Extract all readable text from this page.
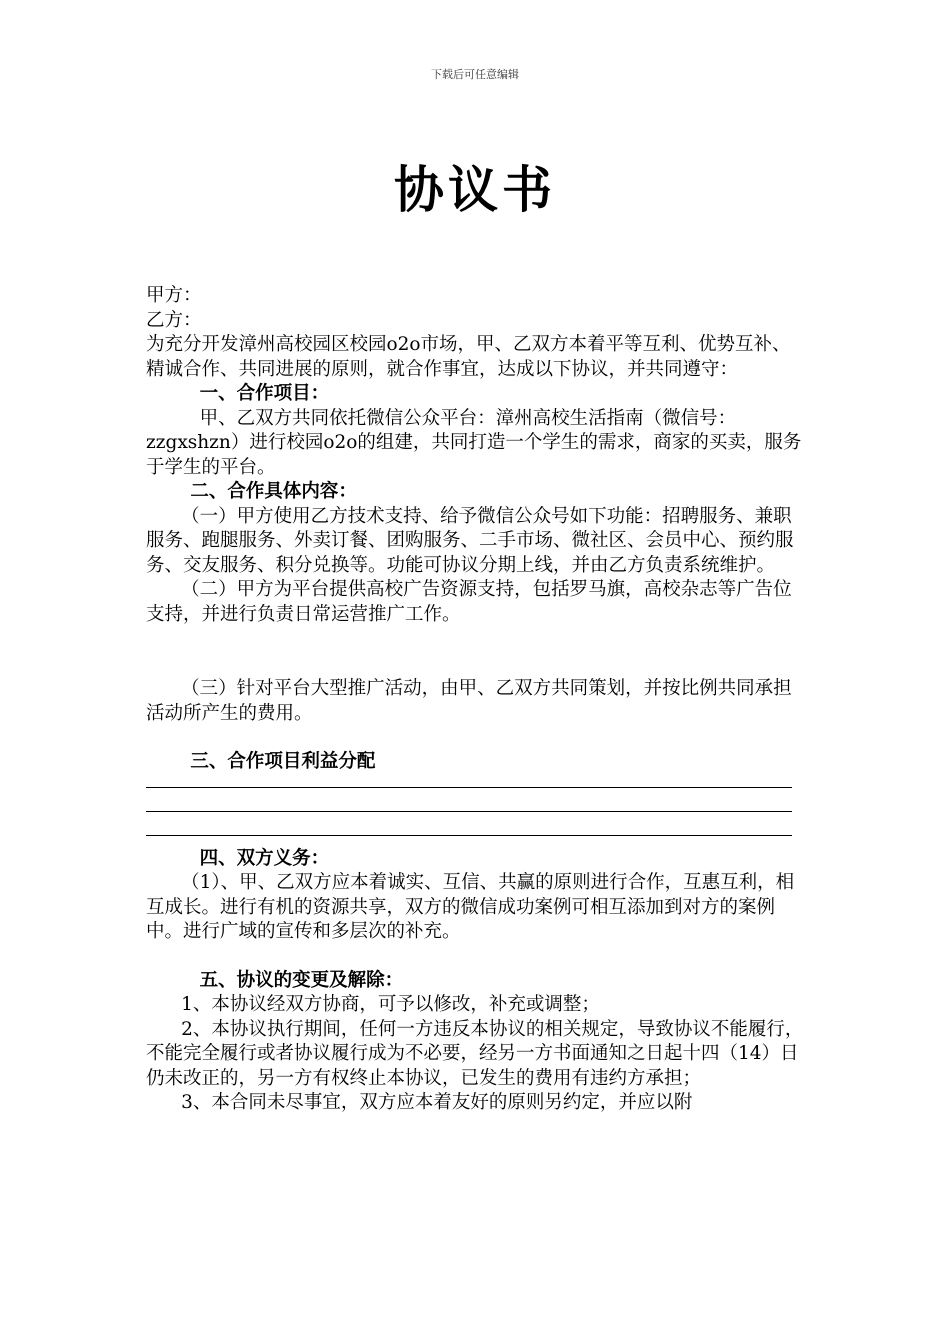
下载后可任意编辑
协议书

甲方：

乙方：

为充分开发漳州高校园区校园o2o市场，甲、乙双方本着平等互利、优势互补、精诚合作、共同进展的原则，就合作事宜，达成以下协议，并共同遵守：

一、合作项目：

甲、乙双方共同依托微信公众平台：漳州高校生活指南（微信号：zzgxshzn）进行校园o2o的组建，共同打造一个学生的需求，商家的买卖，服务于学生的平台。

二、合作具体内容：

（一）甲方使用乙方技术支持、给予微信公众号如下功能：招聘服务、兼职服务、跑腿服务、外卖订餐、团购服务、二手市场、微社区、会员中心、预约服务、交友服务、积分兑换等。功能可协议分期上线，并由乙方负责系统维护。

（二）甲方为平台提供高校广告资源支持，包括罗马旗，高校杂志等广告位支持，并进行负责日常运营推广工作。

（三）针对平台大型推广活动，由甲、乙双方共同策划，并按比例共同承担活动所产生的费用。

三、合作项目利益分配

四、双方义务：

（1）、甲、乙双方应本着诚实、互信、共赢的原则进行合作，互惠互利，相互成长。进行有机的资源共享，双方的微信成功案例可相互添加到对方的案例中。进行广域的宣传和多层次的补充。

五、协议的变更及解除：

1、本协议经双方协商，可予以修改，补充或调整；

2、本协议执行期间，任何一方违反本协议的相关规定，导致协议不能履行，不能完全履行或者协议履行成为不必要，经另一方书面通知之日起十四（14）日仍未改正的，另一方有权终止本协议，已发生的费用有违约方承担；

3、本合同未尽事宜，双方应本着友好的原则另约定，并应以附
